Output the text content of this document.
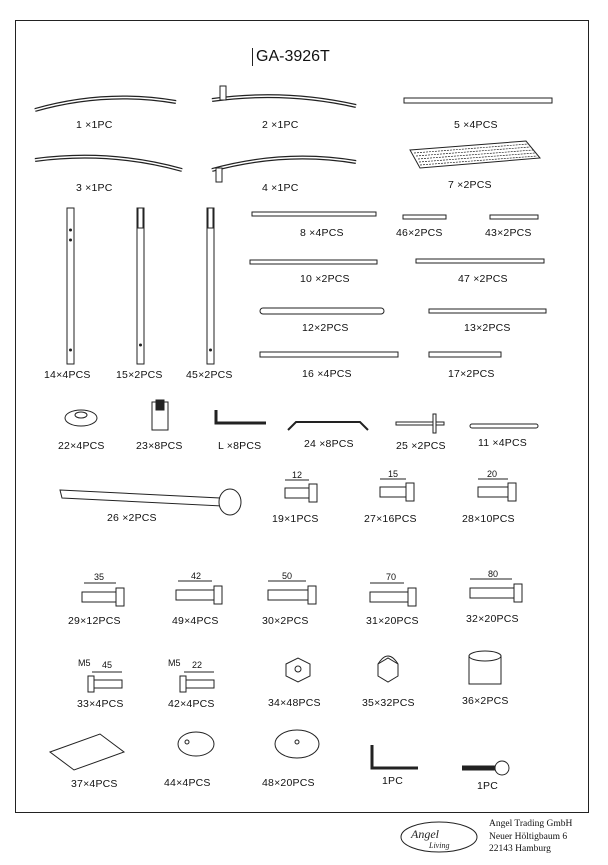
GA-3926T
1 ×1PC	2 ×1PC	5 ×4PCS
3 ×1PC	4 ×1PC	7 ×2PCS
8 ×4PCS	46×2PCS	43×2PCS
10 ×2PCS	47 ×2PCS
12×2PCS	13×2PCS
16 ×4PCS	17×2PCS
14×4PCS 15×2PCS 45×2PCS
22×4PCS	23×8PCS	L ×8PCS	24 ×8PCS	25 ×2PCS	11 ×4PCS
26 ×2PCS	19×1PCS	27×16PCS	28×10PCS
29×12PCS	49×4PCS	30×2PCS	31×20PCS	32×20PCS
33×4PCS	42×4PCS	34×48PCS	35×32PCS	36×2PCS
37×4PCS	44×4PCS	48×20PCS	1PC	1PC
12	15	20
35	42	50	70	80
M5 45	M5 22
Angel
Living
Angel Trading GmbH
Neuer Höltigbaum 6
22143 Hamburg
